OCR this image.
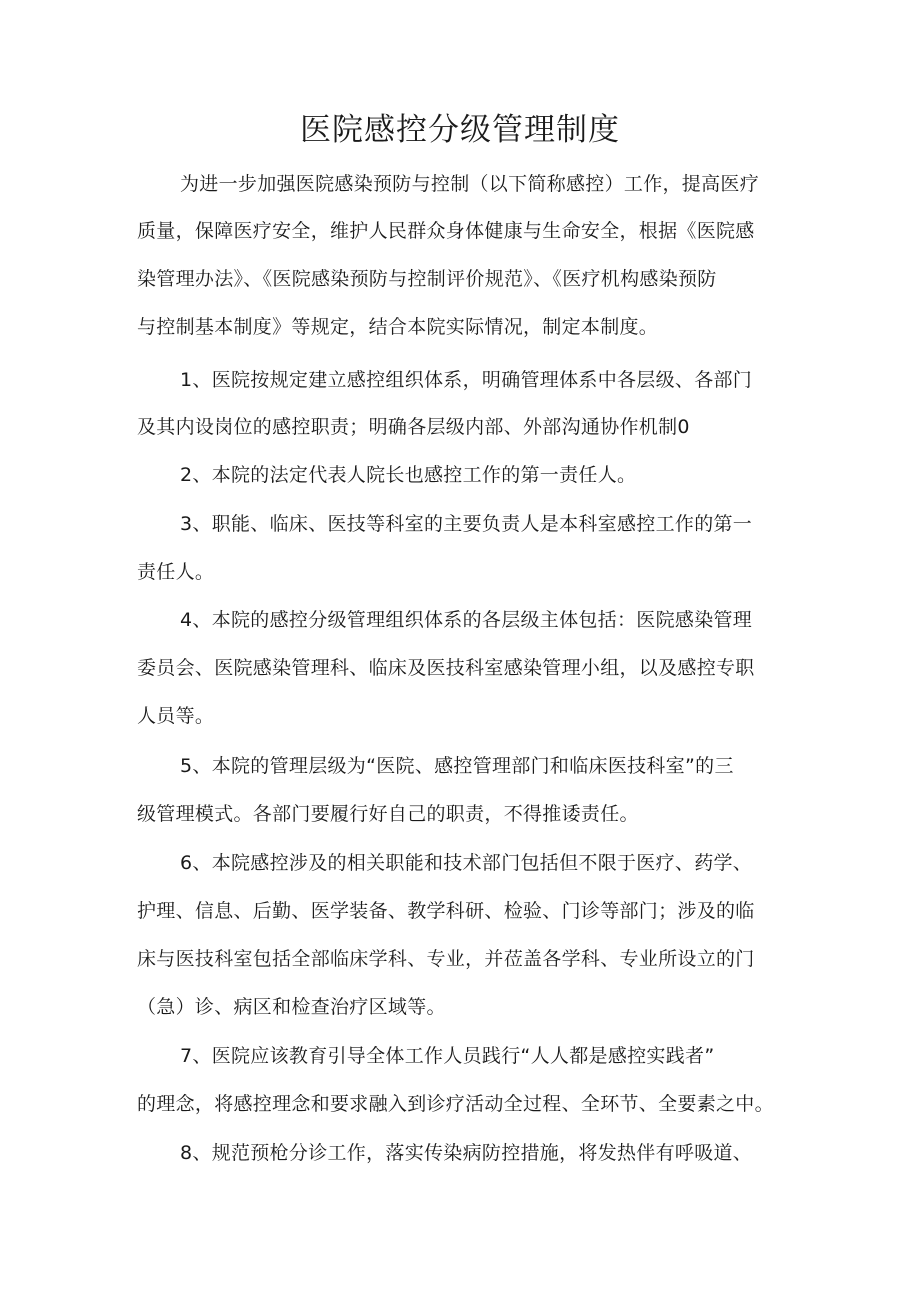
医院感控分级管理制度
为进一步加强医院感染预防与控制（以下简称感控）工作，提高医疗
质量，保障医疗安全，维护人民群众身体健康与生命安全，根据《医院感
染管理办法》、《医院感染预防与控制评价规范》、《医疗机构感染预防
与控制基本制度》等规定，结合本院实际情况，制定本制度。
1、医院按规定建立感控组织体系，明确管理体系中各层级、各部门
及其内设岗位的感控职责；明确各层级内部、外部沟通协作机制0
2、本院的法定代表人院长也感控工作的第一责任人。
3、职能、临床、医技等科室的主要负责人是本科室感控工作的第一
责任人。
4、本院的感控分级管理组织体系的各层级主体包括：医院感染管理
委员会、医院感染管理科、临床及医技科室感染管理小组，以及感控专职
人员等。
5、本院的管理层级为“医院、感控管理部门和临床医技科室”的三
级管理模式。各部门要履行好自己的职责，不得推诿责任。
6、本院感控涉及的相关职能和技术部门包括但不限于医疗、药学、
护理、信息、后勤、医学装备、教学科研、检验、门诊等部门；涉及的临
床与医技科室包括全部临床学科、专业，并莅盖各学科、专业所设立的门
（急）诊、病区和检查治疗区域等。
7、医院应该教育引导全体工作人员践行“人人都是感控实践者”
的理念，将感控理念和要求融入到诊疗活动全过程、全环节、全要素之中。
8、规范预枪分诊工作，落实传染病防控措施，将发热伴有呼吸道、
